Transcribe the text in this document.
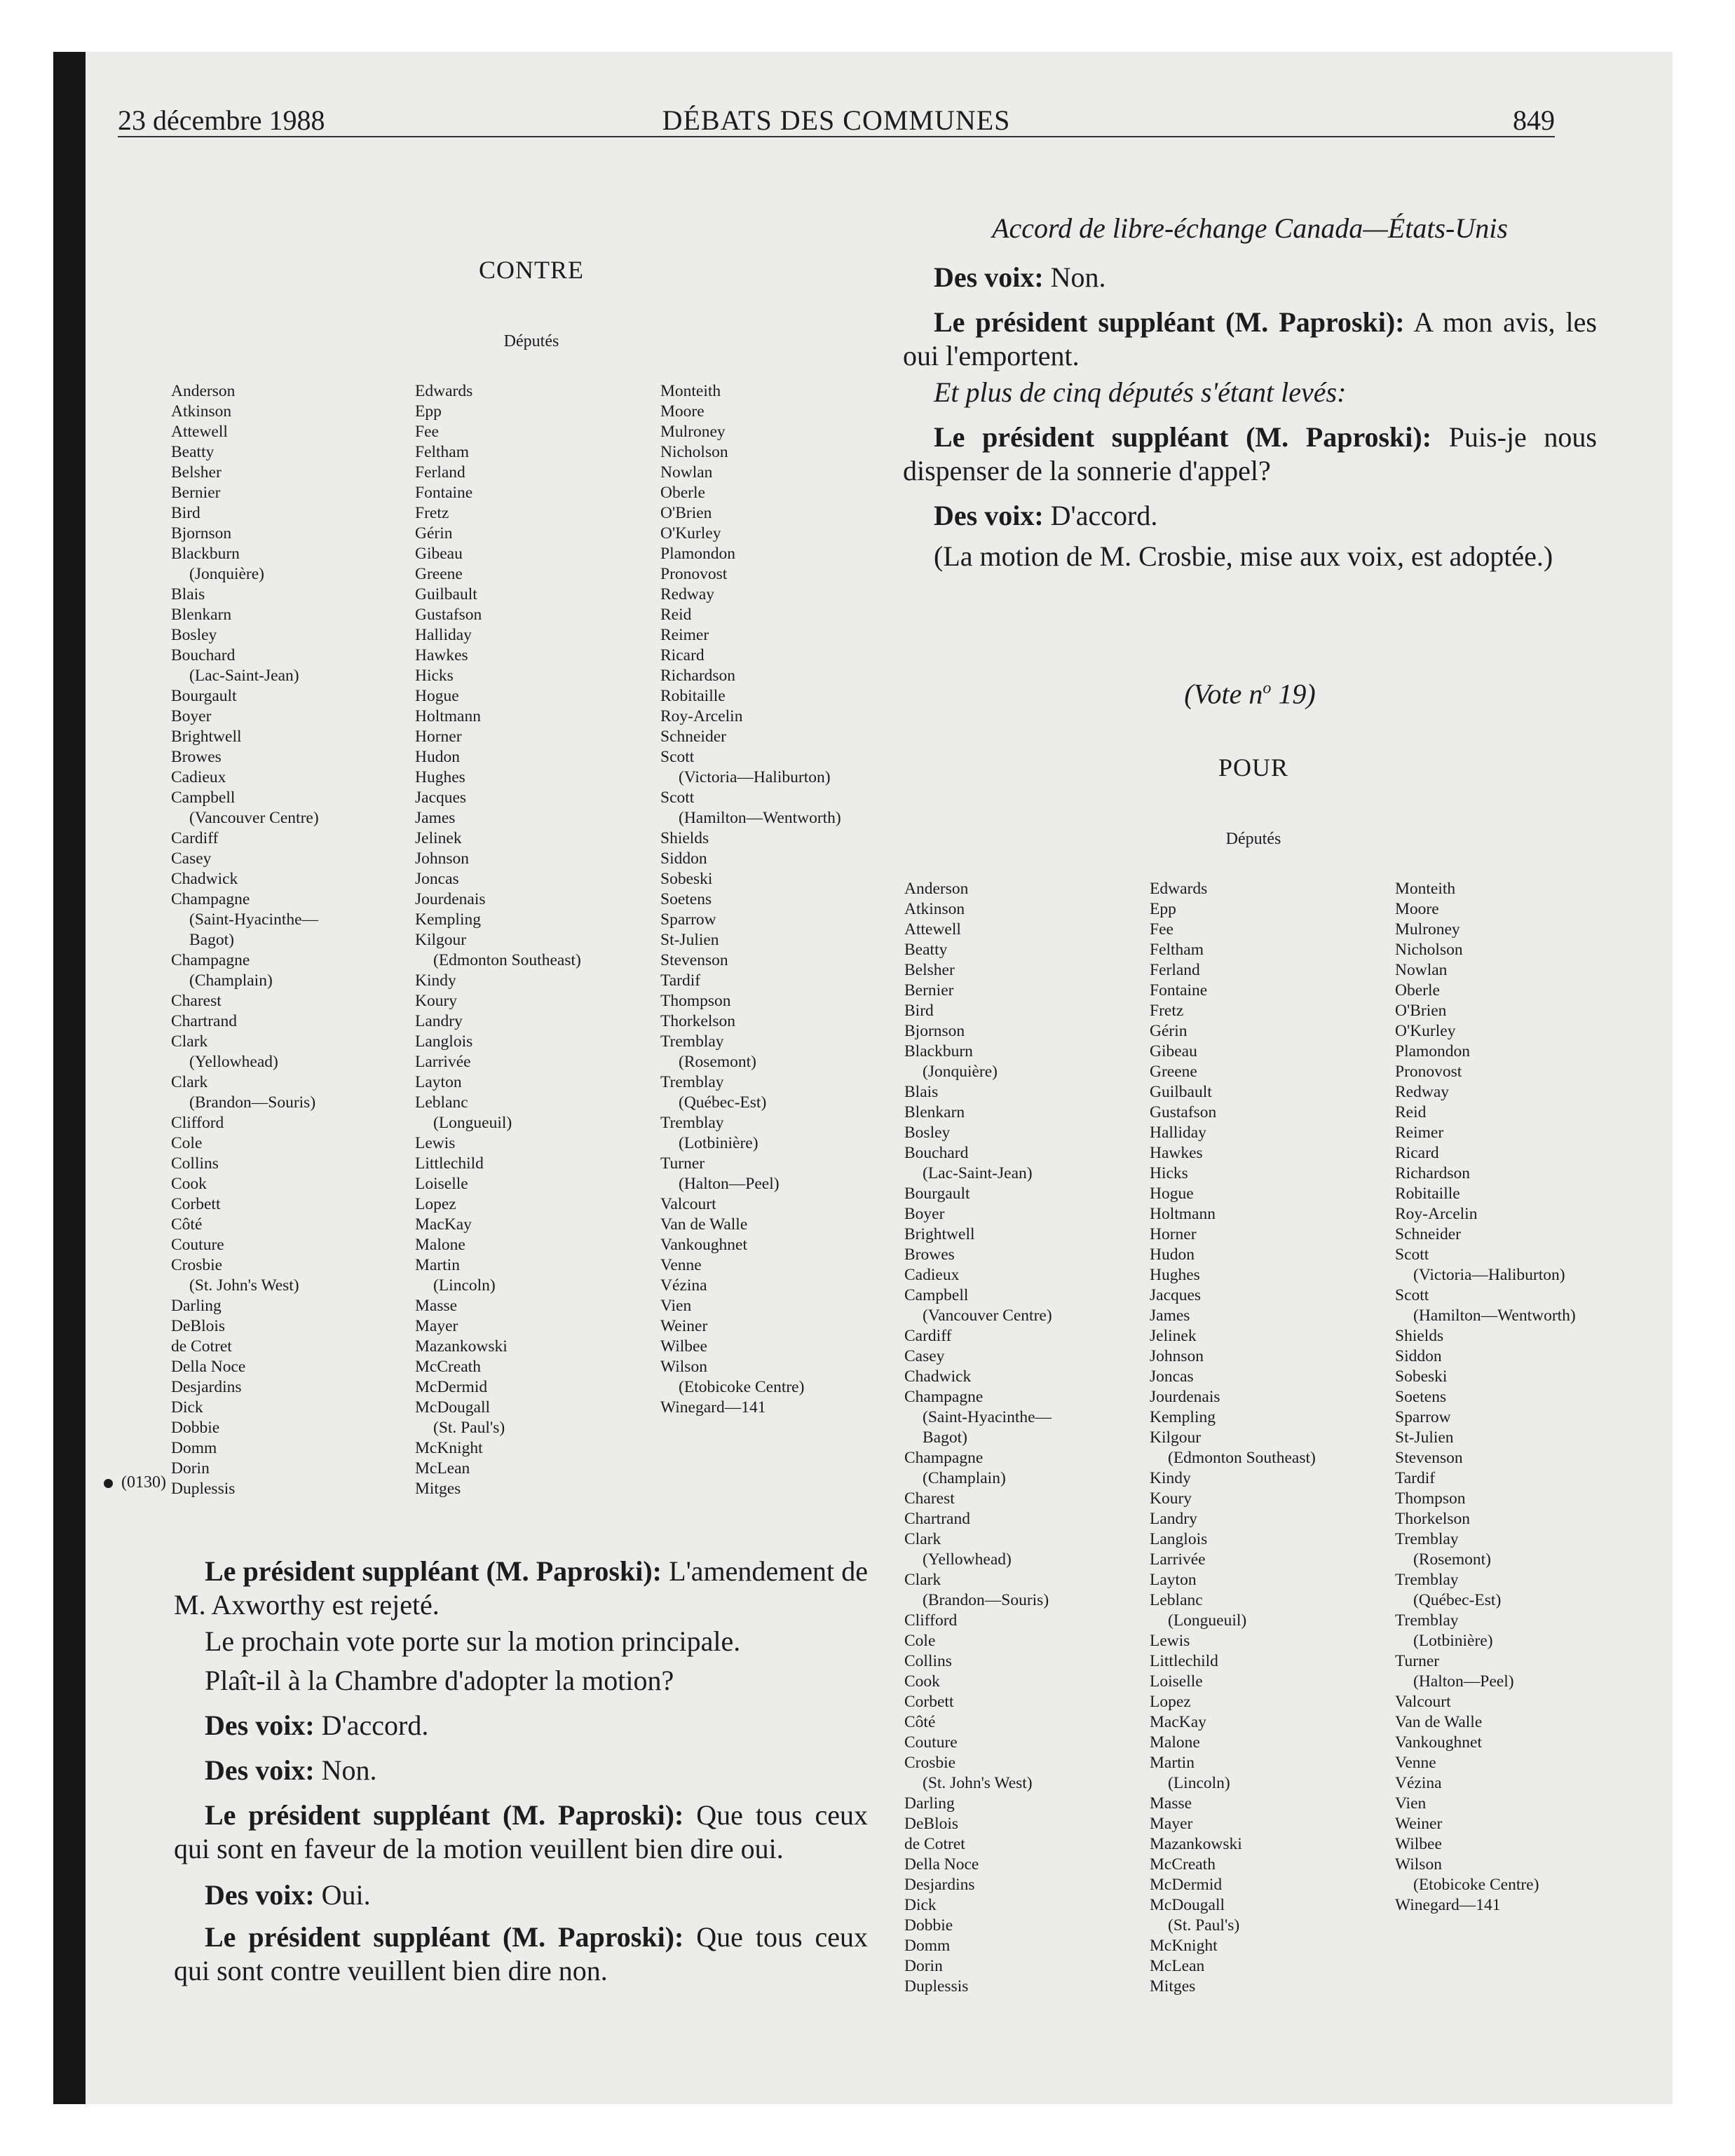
23 décembre 1988	DÉBATS DES COMMUNES	849
CONTRE
Députés
Anderson
Atkinson
Attewell
Beatty
Belsher
Bernier
Bird
Bjornson
Blackburn
(Jonquière)
Blais
Blenkarn
Bosley
Bouchard
(Lac-Saint-Jean)
Bourgault
Boyer
Brightwell
Browes
Cadieux
Campbell
(Vancouver Centre)
Cardiff
Casey
Chadwick
Champagne
(Saint-Hyacinthe—
Bagot)
Champagne
(Champlain)
Charest
Chartrand
Clark
(Yellowhead)
Clark
(Brandon—Souris)
Clifford
Cole
Collins
Cook
Corbett
Côté
Couture
Crosbie
(St. John's West)
Darling
DeBlois
de Cotret
Della Noce
Desjardins
Dick
Dobbie
Domm
Dorin
Duplessis
Edwards
Epp
Fee
Feltham
Ferland
Fontaine
Fretz
Gérin
Gibeau
Greene
Guilbault
Gustafson
Halliday
Hawkes
Hicks
Hogue
Holtmann
Horner
Hudon
Hughes
Jacques
James
Jelinek
Johnson
Joncas
Jourdenais
Kempling
Kilgour
(Edmonton Southeast)
Kindy
Koury
Landry
Langlois
Larrivée
Layton
Leblanc
(Longueuil)
Lewis
Littlechild
Loiselle
Lopez
MacKay
Malone
Martin
(Lincoln)
Masse
Mayer
Mazankowski
McCreath
McDermid
McDougall
(St. Paul's)
McKnight
McLean
Mitges
Monteith
Moore
Mulroney
Nicholson
Nowlan
Oberle
O'Brien
O'Kurley
Plamondon
Pronovost
Redway
Reid
Reimer
Ricard
Richardson
Robitaille
Roy-Arcelin
Schneider
Scott
(Victoria—Haliburton)
Scott
(Hamilton—Wentworth)
Shields
Siddon
Sobeski
Soetens
Sparrow
St-Julien
Stevenson
Tardif
Thompson
Thorkelson
Tremblay
(Rosemont)
Tremblay
(Québec-Est)
Tremblay
(Lotbinière)
Turner
(Halton—Peel)
Valcourt
Van de Walle
Vankoughnet
Venne
Vézina
Vien
Weiner
Wilbee
Wilson
(Etobicoke Centre)
Winegard—141
(0130)

Le président suppléant (M. Paproski): L'amendement de M. Axworthy est rejeté.

Le prochain vote porte sur la motion principale.

Plaît-il à la Chambre d'adopter la motion?

Des voix: D'accord.

Des voix: Non.

Le président suppléant (M. Paproski): Que tous ceux qui sont en faveur de la motion veuillent bien dire oui.

Des voix: Oui.

Le président suppléant (M. Paproski): Que tous ceux qui sont contre veuillent bien dire non.

Accord de libre-échange Canada—États-Unis

Des voix: Non.

Le président suppléant (M. Paproski): A mon avis, les oui l'emportent.

Et plus de cinq députés s'étant levés:

Le président suppléant (M. Paproski): Puis-je nous dispenser de la sonnerie d'appel?

Des voix: D'accord.

(La motion de M. Crosbie, mise aux voix, est adoptée.)

(Vote $n^o$ 19)
POUR
Députés
Anderson
Atkinson
Attewell
Beatty
Belsher
Bernier
Bird
Bjornson
Blackburn
(Jonquière)
Blais
Blenkarn
Bosley
Bouchard
(Lac-Saint-Jean)
Bourgault
Boyer
Brightwell
Browes
Cadieux
Campbell
(Vancouver Centre)
Cardiff
Casey
Chadwick
Champagne
(Saint-Hyacinthe—
Bagot)
Champagne
(Champlain)
Charest
Chartrand
Clark
(Yellowhead)
Clark
(Brandon—Souris)
Clifford
Cole
Collins
Cook
Corbett
Côté
Couture
Crosbie
(St. John's West)
Darling
DeBlois
de Cotret
Della Noce
Desjardins
Dick
Dobbie
Domm
Dorin
Duplessis
Edwards
Epp
Fee
Feltham
Ferland
Fontaine
Fretz
Gérin
Gibeau
Greene
Guilbault
Gustafson
Halliday
Hawkes
Hicks
Hogue
Holtmann
Horner
Hudon
Hughes
Jacques
James
Jelinek
Johnson
Joncas
Jourdenais
Kempling
Kilgour
(Edmonton Southeast)
Kindy
Koury
Landry
Langlois
Larrivée
Layton
Leblanc
(Longueuil)
Lewis
Littlechild
Loiselle
Lopez
MacKay
Malone
Martin
(Lincoln)
Masse
Mayer
Mazankowski
McCreath
McDermid
McDougall
(St. Paul's)
McKnight
McLean
Mitges
Monteith
Moore
Mulroney
Nicholson
Nowlan
Oberle
O'Brien
O'Kurley
Plamondon
Pronovost
Redway
Reid
Reimer
Ricard
Richardson
Robitaille
Roy-Arcelin
Schneider
Scott
(Victoria—Haliburton)
Scott
(Hamilton—Wentworth)
Shields
Siddon
Sobeski
Soetens
Sparrow
St-Julien
Stevenson
Tardif
Thompson
Thorkelson
Tremblay
(Rosemont)
Tremblay
(Québec-Est)
Tremblay
(Lotbinière)
Turner
(Halton—Peel)
Valcourt
Van de Walle
Vankoughnet
Venne
Vézina
Vien
Weiner
Wilbee
Wilson
(Etobicoke Centre)
Winegard—141
